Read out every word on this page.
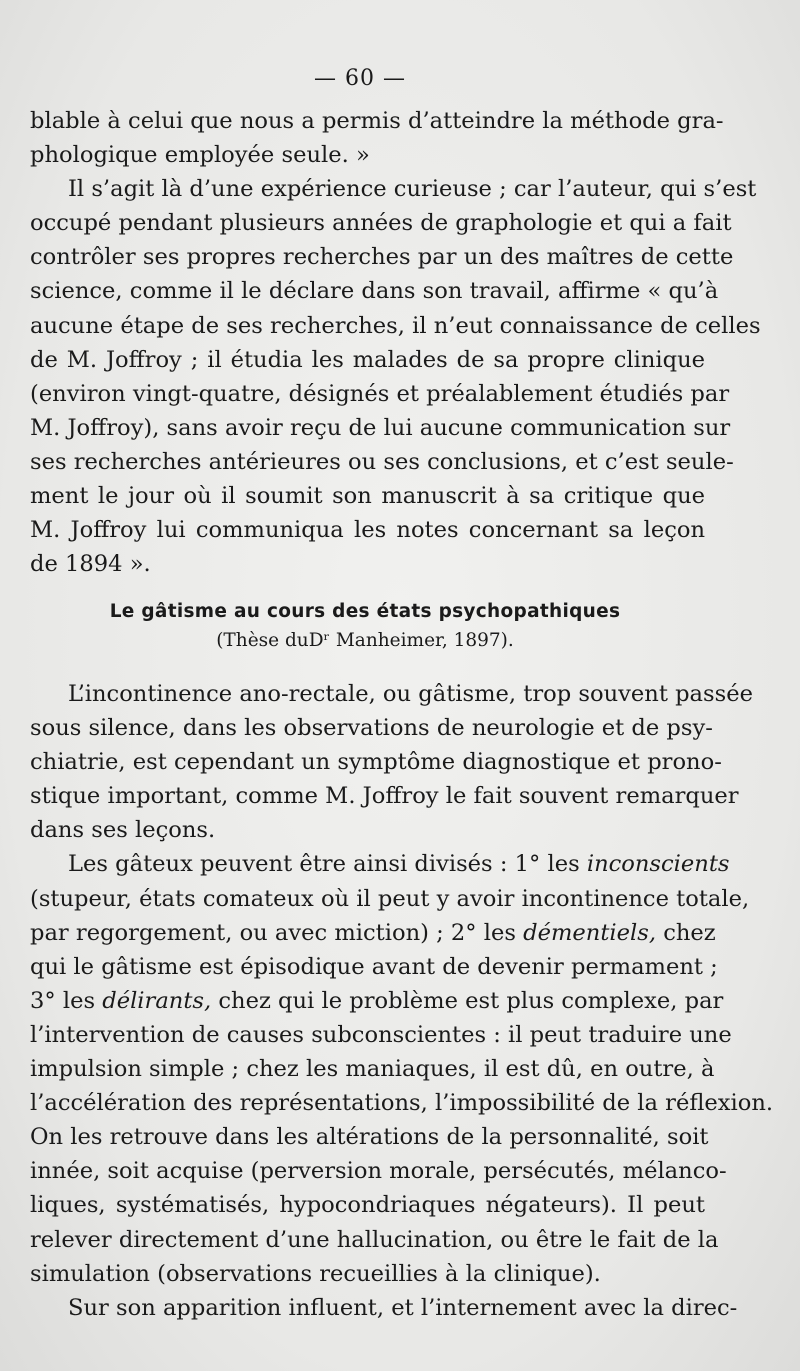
— 60 —
blable à celui que nous a permis d’atteindre la méthode gra-
phologique employée seule. »
Il s’agit là d’une expérience curieuse ; car l’auteur, qui s’est
occupé pendant plusieurs années de graphologie et qui a fait
contrôler ses propres recherches par un des maîtres de cette
science, comme il le déclare dans son travail, affirme « qu’à
aucune étape de ses recherches, il n’eut connaissance de celles
de M. Joffroy ; il étudia les malades de sa propre clinique
(environ vingt-quatre, désignés et préalablement étudiés par
M. Joffroy), sans avoir reçu de lui aucune communication sur
ses recherches antérieures ou ses conclusions, et c’est seule-
ment le jour où il soumit son manuscrit à sa critique que
M. Joffroy lui communiqua les notes concernant sa leçon
de 1894 ».
Le gâtisme au cours des états psychopathiques
(Thèse duDʳ Manheimer, 1897).
L’incontinence ano-rectale, ou gâtisme, trop souvent passée
sous silence, dans les observations de neurologie et de psy-
chiatrie, est cependant un symptôme diagnostique et prono-
stique important, comme M. Joffroy le fait souvent remarquer
dans ses leçons.
Les gâteux peuvent être ainsi divisés : 1° les inconscients
(stupeur, états comateux où il peut y avoir incontinence totale,
par regorgement, ou avec miction) ; 2° les démentiels, chez
qui le gâtisme est épisodique avant de devenir permament ;
3° les délirants, chez qui le problème est plus complexe, par
l’intervention de causes subconscientes : il peut traduire une
impulsion simple ; chez les maniaques, il est dû, en outre, à
l’accélération des représentations, l’impossibilité de la réflexion.
On les retrouve dans les altérations de la personnalité, soit
innée, soit acquise (perversion morale, persécutés, mélanco-
liques, systématisés, hypocondriaques négateurs). Il peut
relever directement d’une hallucination, ou être le fait de la
simulation (observations recueillies à la clinique).
Sur son apparition influent, et l’internement avec la direc-
